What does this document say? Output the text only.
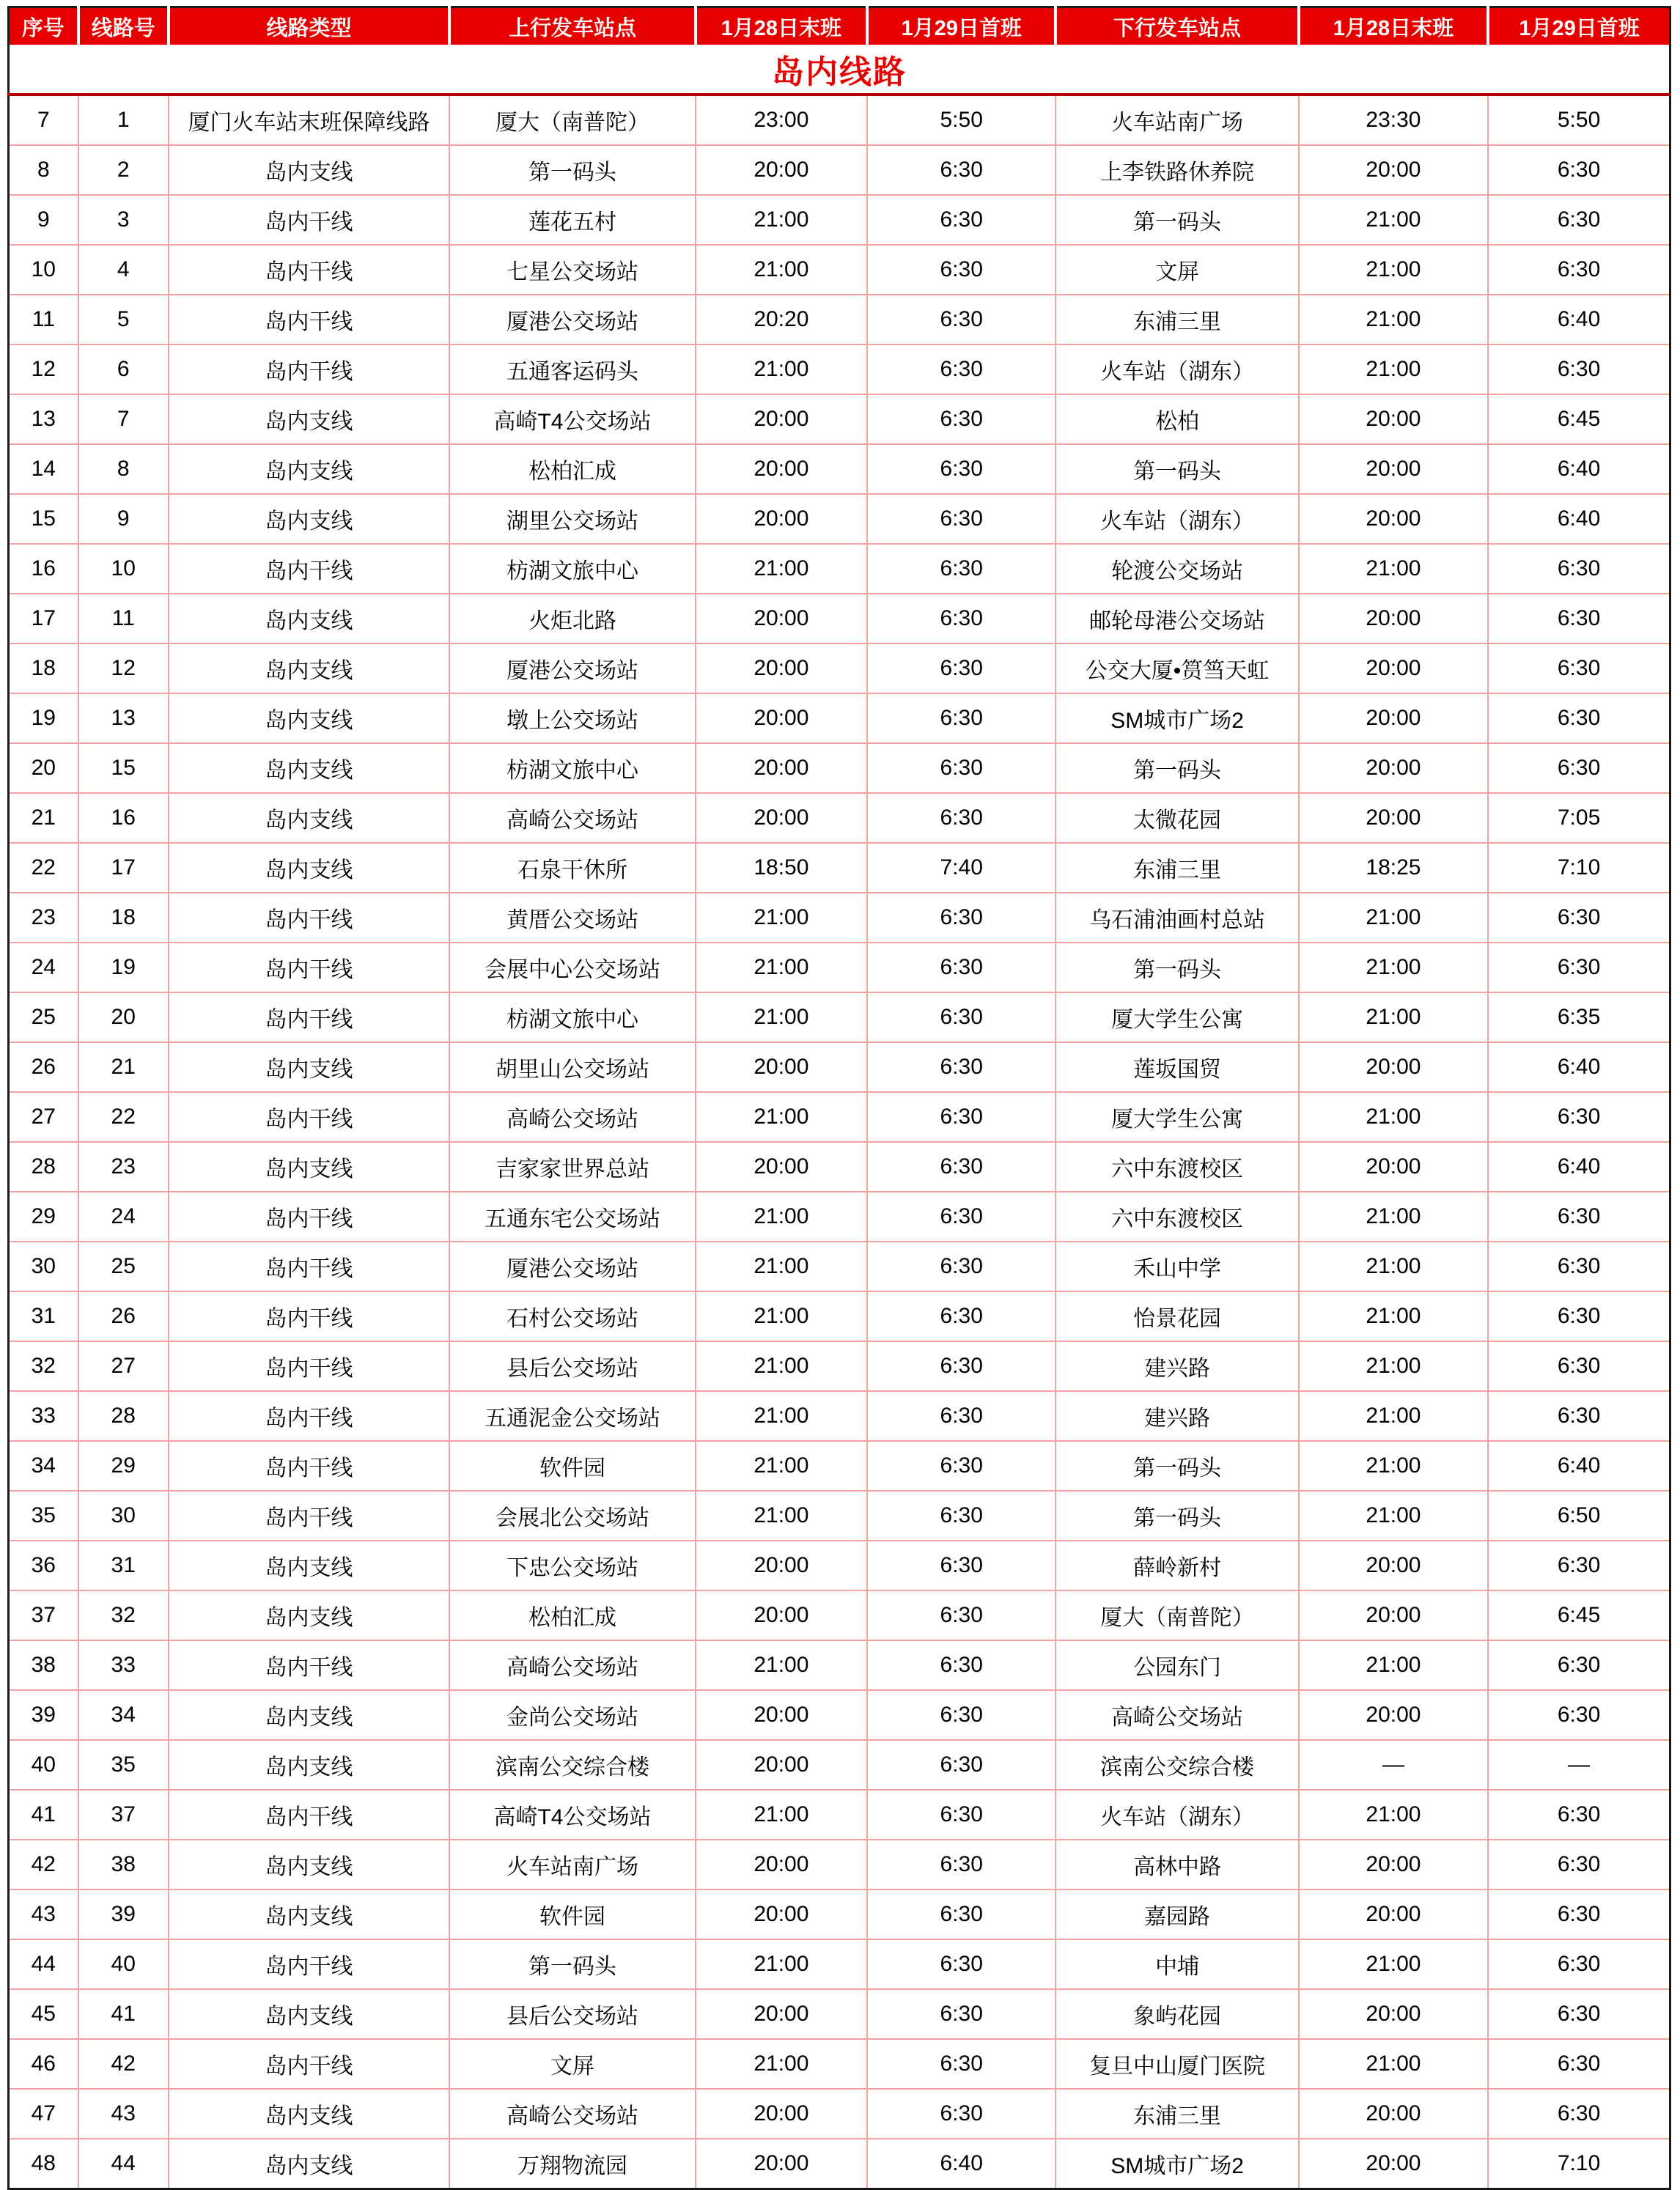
序号	线路号	线路类型	上行发车站点	1月28日末班	1月29日首班	下行发车站点	1月28日末班	1月29日首班
岛内线路								
7	1	厦门火车站末班保障线路	厦大（南普陀）	23:00	5:50	火车站南广场	23:30	5:50
8	2	岛内支线	第一码头	20:00	6:30	上李铁路休养院	20:00	6:30
9	3	岛内干线	莲花五村	21:00	6:30	第一码头	21:00	6:30
10	4	岛内干线	七星公交场站	21:00	6:30	文屏	21:00	6:30
11	5	岛内干线	厦港公交场站	20:20	6:30	东浦三里	21:00	6:40
12	6	岛内干线	五通客运码头	21:00	6:30	火车站（湖东）	21:00	6:30
13	7	岛内支线	高崎T4公交场站	20:00	6:30	松柏	20:00	6:45
14	8	岛内支线	松柏汇成	20:00	6:30	第一码头	20:00	6:40
15	9	岛内支线	湖里公交场站	20:00	6:30	火车站（湖东）	20:00	6:40
16	10	岛内干线	枋湖文旅中心	21:00	6:30	轮渡公交场站	21:00	6:30
17	11	岛内支线	火炬北路	20:00	6:30	邮轮母港公交场站	20:00	6:30
18	12	岛内支线	厦港公交场站	20:00	6:30	公交大厦•筼筜天虹	20:00	6:30
19	13	岛内支线	墩上公交场站	20:00	6:30	SM城市广场2	20:00	6:30
20	15	岛内支线	枋湖文旅中心	20:00	6:30	第一码头	20:00	6:30
21	16	岛内支线	高崎公交场站	20:00	6:30	太微花园	20:00	7:05
22	17	岛内支线	石泉干休所	18:50	7:40	东浦三里	18:25	7:10
23	18	岛内干线	黄厝公交场站	21:00	6:30	乌石浦油画村总站	21:00	6:30
24	19	岛内干线	会展中心公交场站	21:00	6:30	第一码头	21:00	6:30
25	20	岛内干线	枋湖文旅中心	21:00	6:30	厦大学生公寓	21:00	6:35
26	21	岛内支线	胡里山公交场站	20:00	6:30	莲坂国贸	20:00	6:40
27	22	岛内干线	高崎公交场站	21:00	6:30	厦大学生公寓	21:00	6:30
28	23	岛内支线	吉家家世界总站	20:00	6:30	六中东渡校区	20:00	6:40
29	24	岛内干线	五通东宅公交场站	21:00	6:30	六中东渡校区	21:00	6:30
30	25	岛内干线	厦港公交场站	21:00	6:30	禾山中学	21:00	6:30
31	26	岛内干线	石村公交场站	21:00	6:30	怡景花园	21:00	6:30
32	27	岛内干线	县后公交场站	21:00	6:30	建兴路	21:00	6:30
33	28	岛内干线	五通泥金公交场站	21:00	6:30	建兴路	21:00	6:30
34	29	岛内干线	软件园	21:00	6:30	第一码头	21:00	6:40
35	30	岛内干线	会展北公交场站	21:00	6:30	第一码头	21:00	6:50
36	31	岛内支线	下忠公交场站	20:00	6:30	薛岭新村	20:00	6:30
37	32	岛内支线	松柏汇成	20:00	6:30	厦大（南普陀）	20:00	6:45
38	33	岛内干线	高崎公交场站	21:00	6:30	公园东门	21:00	6:30
39	34	岛内支线	金尚公交场站	20:00	6:30	高崎公交场站	20:00	6:30
40	35	岛内支线	滨南公交综合楼	20:00	6:30	滨南公交综合楼	—	—
41	37	岛内干线	高崎T4公交场站	21:00	6:30	火车站（湖东）	21:00	6:30
42	38	岛内支线	火车站南广场	20:00	6:30	高林中路	20:00	6:30
43	39	岛内支线	软件园	20:00	6:30	嘉园路	20:00	6:30
44	40	岛内干线	第一码头	21:00	6:30	中埔	21:00	6:30
45	41	岛内支线	县后公交场站	20:00	6:30	象屿花园	20:00	6:30
46	42	岛内干线	文屏	21:00	6:30	复旦中山厦门医院	21:00	6:30
47	43	岛内支线	高崎公交场站	20:00	6:30	东浦三里	20:00	6:30
48	44	岛内支线	万翔物流园	20:00	6:40	SM城市广场2	20:00	7:10
